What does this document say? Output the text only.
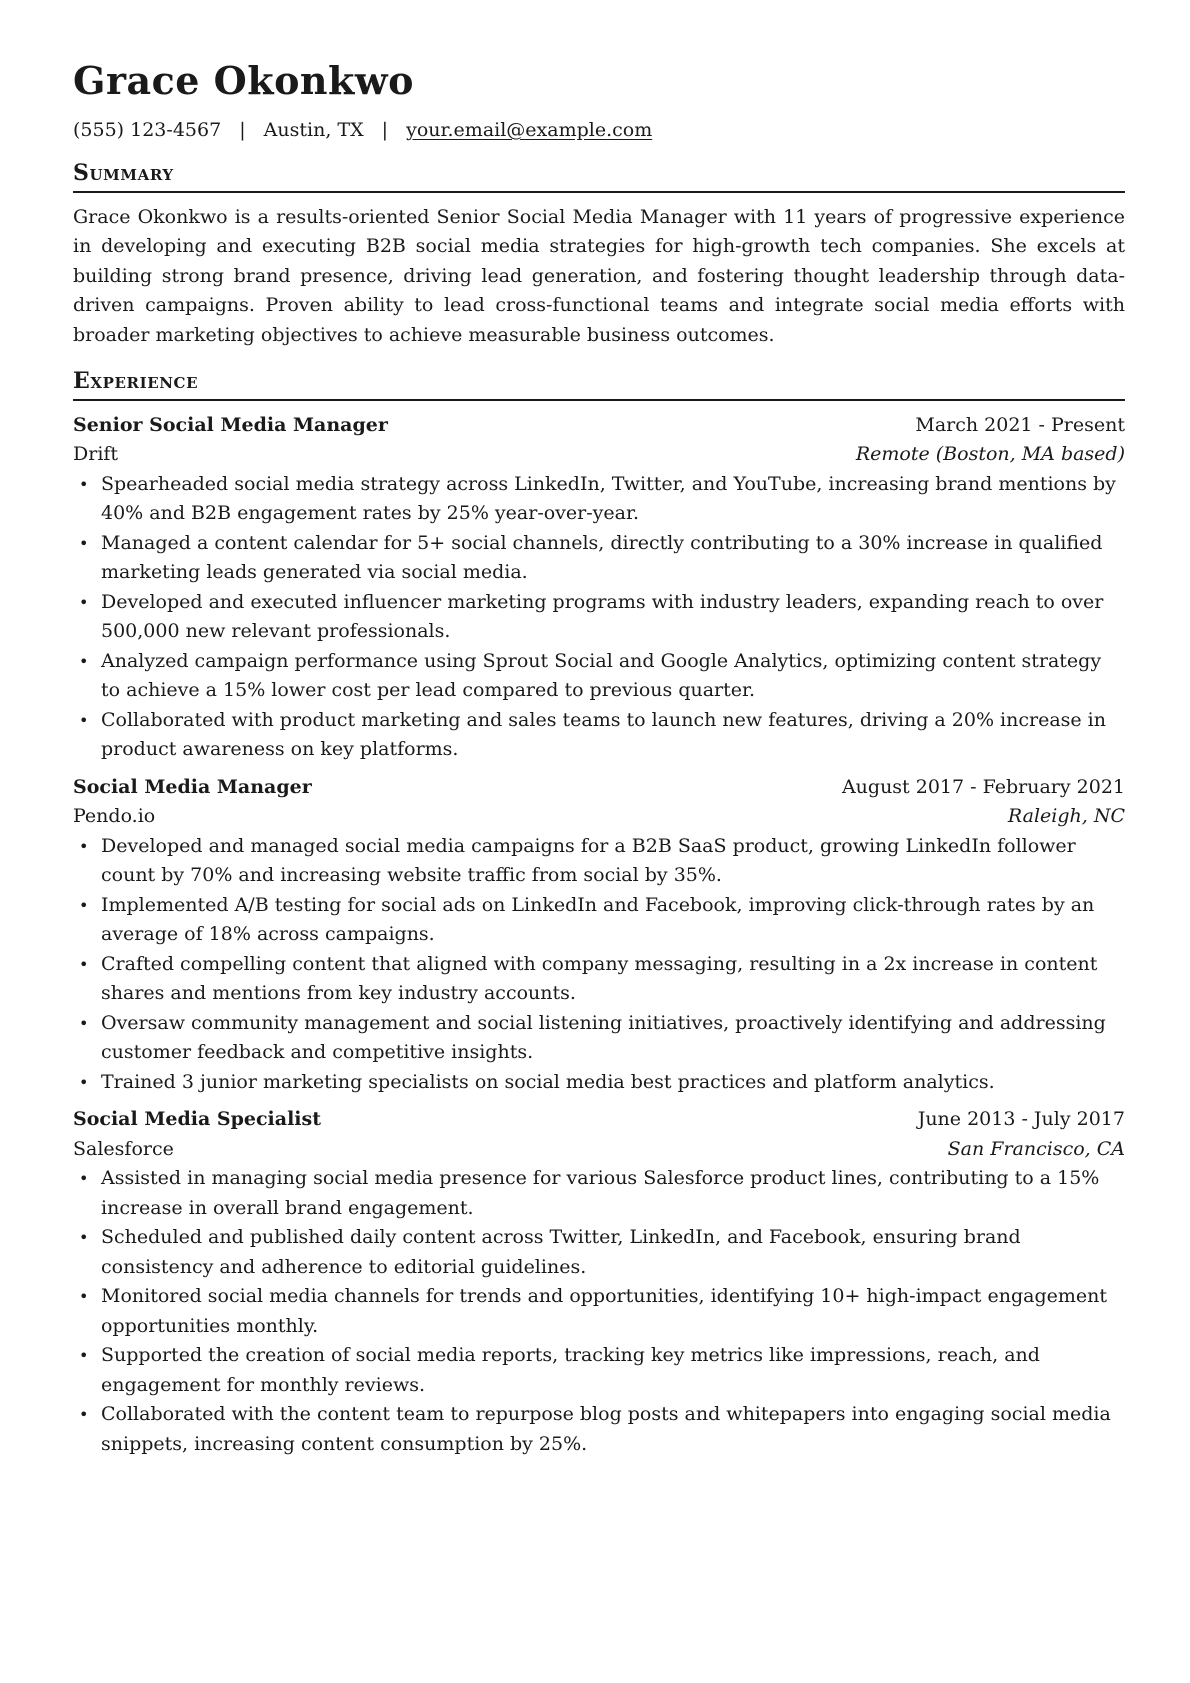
Grace Okonkwo
(555) 123-4567 | Austin, TX | your.email@example.com
Summary
Grace Okonkwo is a results-oriented Senior Social Media Manager with 11 years of progressive experience in developing and executing B2B social media strategies for high-growth tech companies. She excels at building strong brand presence, driving lead generation, and fostering thought leadership through data-driven campaigns. Proven ability to lead cross-functional teams and integrate social media efforts with broader marketing objectives to achieve measurable business outcomes.
Experience
Senior Social Media Manager	March 2021 - Present
Drift	Remote (Boston, MA based)
• Spearheaded social media strategy across LinkedIn, Twitter, and YouTube, increasing brand mentions by 40% and B2B engagement rates by 25% year-over-year.
• Managed a content calendar for 5+ social channels, directly contributing to a 30% increase in qualified marketing leads generated via social media.
• Developed and executed influencer marketing programs with industry leaders, expanding reach to over 500,000 new relevant professionals.
• Analyzed campaign performance using Sprout Social and Google Analytics, optimizing content strategy to achieve a 15% lower cost per lead compared to previous quarter.
• Collaborated with product marketing and sales teams to launch new features, driving a 20% increase in product awareness on key platforms.
Social Media Manager	August 2017 - February 2021
Pendo.io	Raleigh, NC
• Developed and managed social media campaigns for a B2B SaaS product, growing LinkedIn follower count by 70% and increasing website traffic from social by 35%.
• Implemented A/B testing for social ads on LinkedIn and Facebook, improving click-through rates by an average of 18% across campaigns.
• Crafted compelling content that aligned with company messaging, resulting in a 2x increase in content shares and mentions from key industry accounts.
• Oversaw community management and social listening initiatives, proactively identifying and addressing customer feedback and competitive insights.
• Trained 3 junior marketing specialists on social media best practices and platform analytics.
Social Media Specialist	June 2013 - July 2017
Salesforce	San Francisco, CA
• Assisted in managing social media presence for various Salesforce product lines, contributing to a 15% increase in overall brand engagement.
• Scheduled and published daily content across Twitter, LinkedIn, and Facebook, ensuring brand consistency and adherence to editorial guidelines.
• Monitored social media channels for trends and opportunities, identifying 10+ high-impact engagement opportunities monthly.
• Supported the creation of social media reports, tracking key metrics like impressions, reach, and engagement for monthly reviews.
• Collaborated with the content team to repurpose blog posts and whitepapers into engaging social media snippets, increasing content consumption by 25%.
